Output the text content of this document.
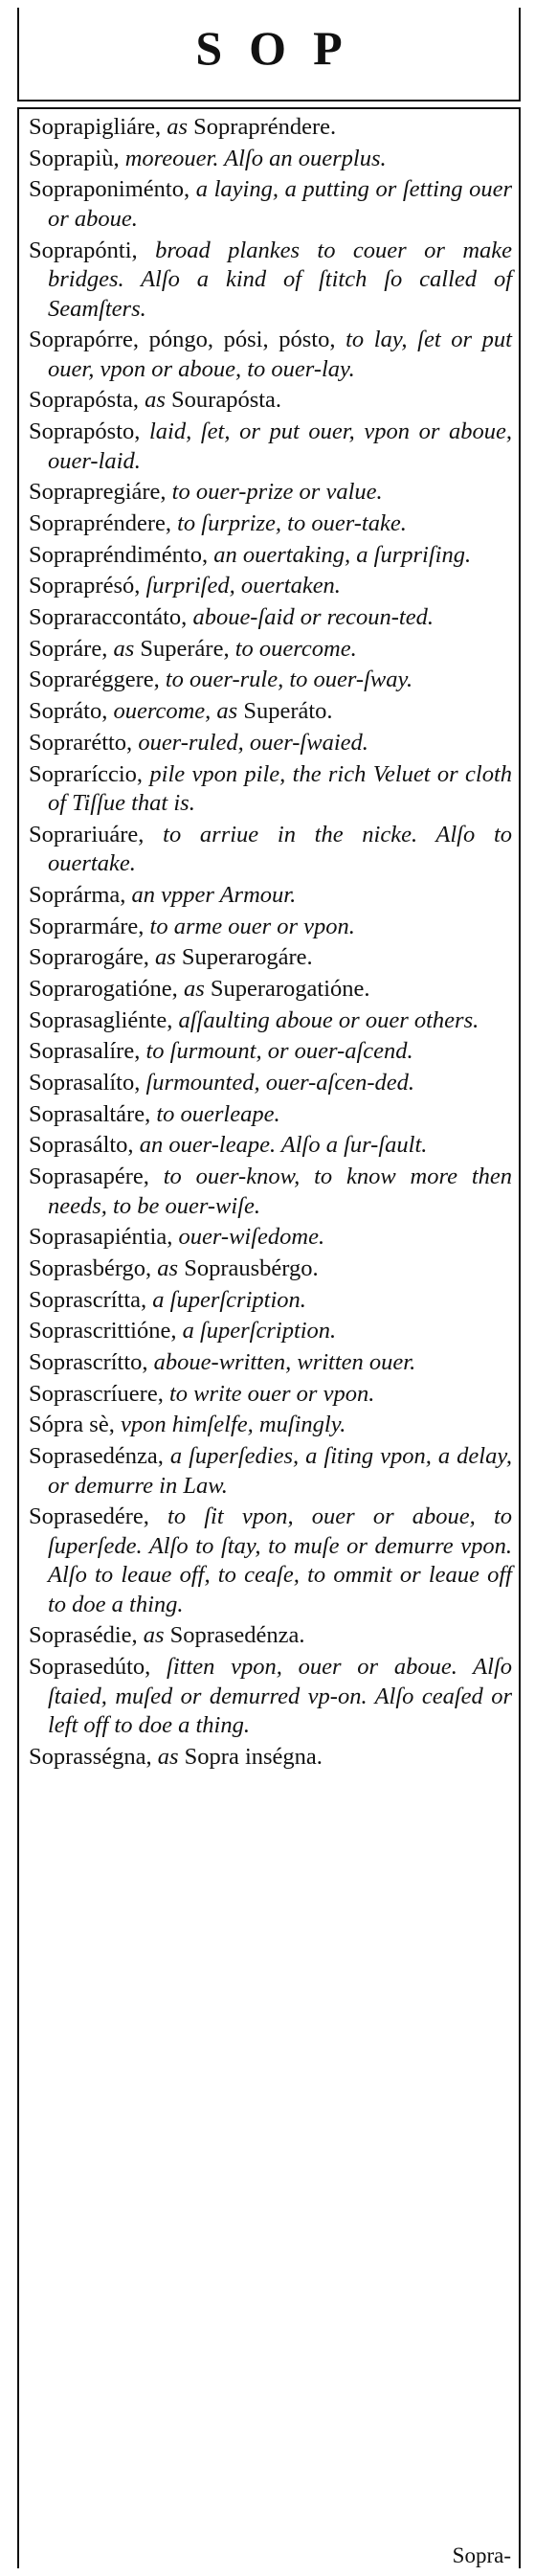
SOP
Soprapigliáre, as Soprapréndere.
Soprapiù, moreouer. Alſo an ouerplus.
Sopraponiménto, a laying, a putting or ſetting ouer or aboue.
Soprapónti, broad plankes to couer or make bridges. Alſo a kind of ſtitch ſo called of Seamſters.
Soprapórre, póngo, pósi, pósto, to lay, ſet or put ouer, vpon or aboue, to ouer-lay.
Soprapósta, as Sourapósta.
Soprapósto, laid, ſet, or put ouer, vpon or aboue, ouer-laid.
Soprapregiáre, to ouer-prize or value.
Soprapréndere, to ſurprize, to ouer-take.
Soprapréndiménto, an ouertaking, a ſurpriſing.
Sopraprésó, ſurpriſed, ouertaken.
Sopraraccontáto, aboue-ſaid or recoun-ted.
Sopráre, as Superáre, to ouercome.
Sopraréggere, to ouer-rule, to ouer-ſway.
Sopráto, ouercome, as Superáto.
Soprarétto, ouer-ruled, ouer-ſwaied.
Sopraríccio, pile vpon pile, the rich Veluet or cloth of Tiſſue that is.
Soprariuáre, to arriue in the nicke. Alſo to ouertake.
Soprárma, an vpper Armour.
Soprarmáre, to arme ouer or vpon.
Soprarogáre, as Superarogáre.
Soprarogatióne, as Superarogatióne.
Soprasagliénte, aſſaulting aboue or ouer others.
Soprasalíre, to ſurmount, or ouer-aſcend.
Soprasalíto, ſurmounted, ouer-aſcen-ded.
Soprasaltáre, to ouerleape.
Soprasálto, an ouer-leape. Alſo a ſur-ſault.
Soprasapére, to ouer-know, to know more then needs, to be ouer-wiſe.
Soprasapiéntia, ouer-wiſedome.
Soprasbérgo, as Soprausbérgo.
Soprascrítta, a ſuperſcription.
Soprascrittióne, a ſuperſcription.
Soprascrítto, aboue-written, written ouer.
Soprascríuere, to write ouer or vpon.
Sópra sè, vpon himſelfe, muſingly.
Soprasedénza, a ſuperſedies, a ſiting vpon, a delay, or demurre in Law.
Soprasedére, to ſit vpon, ouer or aboue, to ſuperſede. Alſo to ſtay, to muſe or demurre vpon. Alſo to leaue off, to ceaſe, to ommit or leaue off to doe a thing.
Soprasédie, as Soprasedénza.
Soprasedúto, ſitten vpon, ouer or aboue. Alſo ſtaied, muſed or demurred vp-on. Alſo ceaſed or left off to doe a thing.
Soprasségna, as Sopra inségna.
Sopra-
